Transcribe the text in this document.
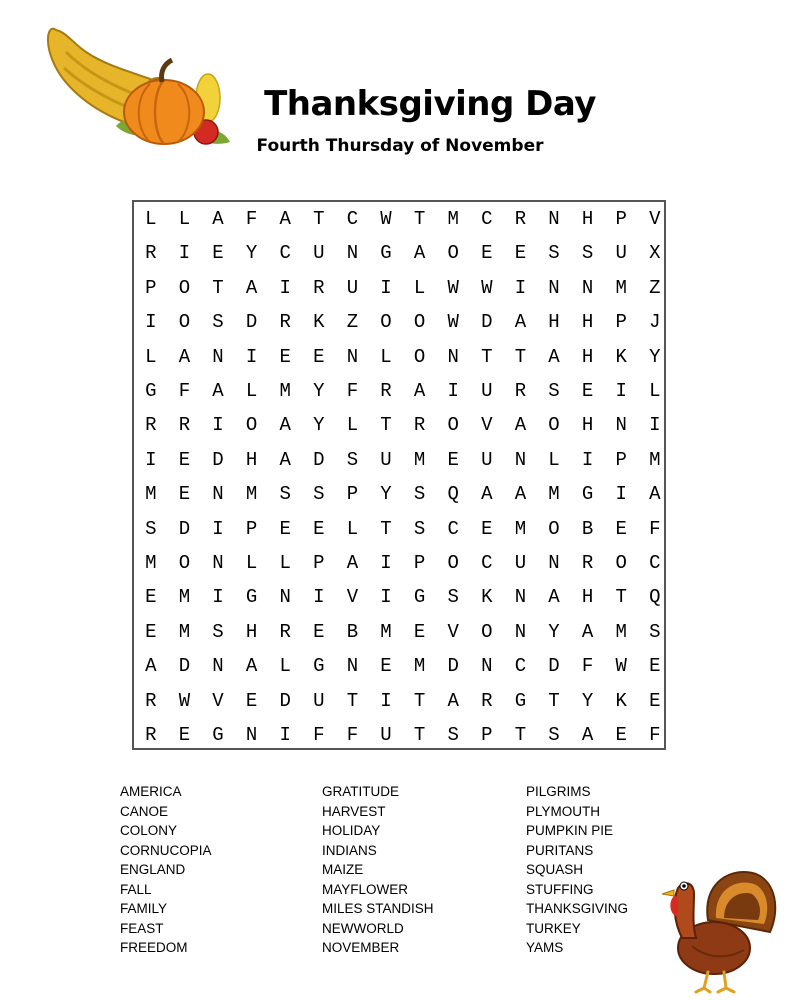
Thanksgiving Day
Fourth Thursday of November
L	L	A	F	A	T	C	W	T	M	C	R	N	H	P	V
R	I	E	Y	C	U	N	G	A	O	E	E	S	S	U	X
P	O	T	A	I	R	U	I	L	W	W	I	N	N	M	Z
I	O	S	D	R	K	Z	O	O	W	D	A	H	H	P	J
L	A	N	I	E	E	N	L	O	N	T	T	A	H	K	Y
G	F	A	L	M	Y	F	R	A	I	U	R	S	E	I	L
R	R	I	O	A	Y	L	T	R	O	V	A	O	H	N	I
I	E	D	H	A	D	S	U	M	E	U	N	L	I	P	M
M	E	N	M	S	S	P	Y	S	Q	A	A	M	G	I	A
S	D	I	P	E	E	L	T	S	C	E	M	O	B	E	F
M	O	N	L	L	P	A	I	P	O	C	U	N	R	O	C
E	M	I	G	N	I	V	I	G	S	K	N	A	H	T	Q
E	M	S	H	R	E	B	M	E	V	O	N	Y	A	M	S
A	D	N	A	L	G	N	E	M	D	N	C	D	F	W	E
R	W	V	E	D	U	T	I	T	A	R	G	T	Y	K	E
R	E	G	N	I	F	F	U	T	S	P	T	S	A	E	F
AMERICA
CANOE
COLONY
CORNUCOPIA
ENGLAND
FALL
FAMILY
FEAST
FREEDOM
GRATITUDE
HARVEST
HOLIDAY
INDIANS
MAIZE
MAYFLOWER
MILES STANDISH
NEWWORLD
NOVEMBER
PILGRIMS
PLYMOUTH
PUMPKIN PIE
PURITANS
SQUASH
STUFFING
THANKSGIVING
TURKEY
YAMS
